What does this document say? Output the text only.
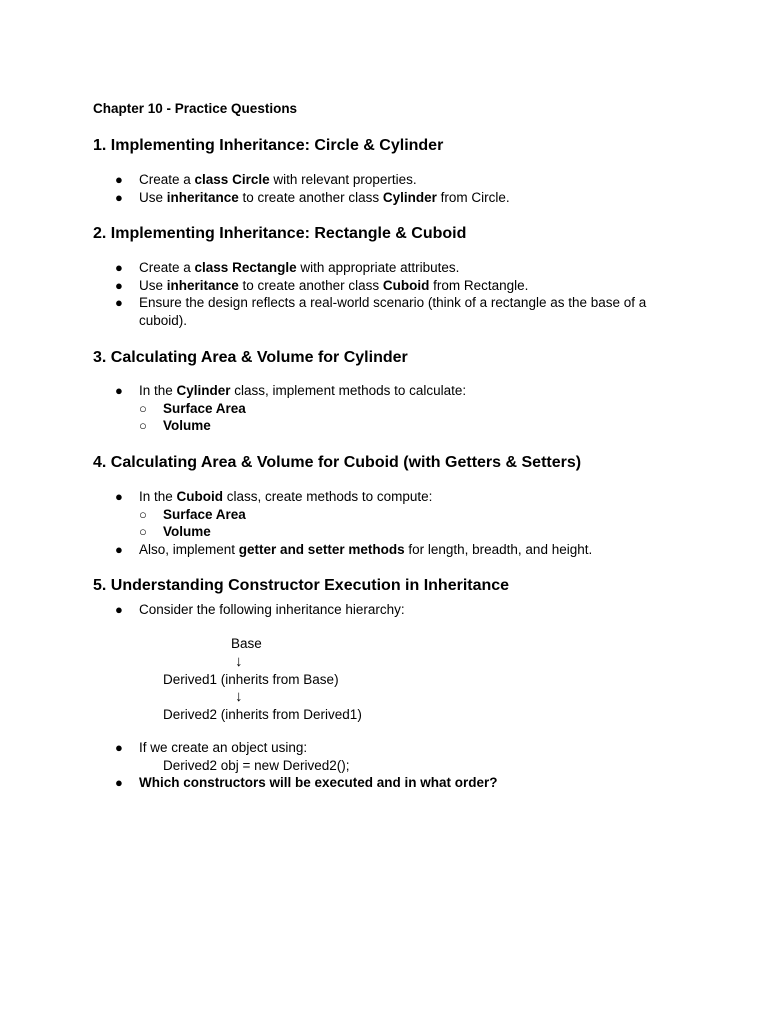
Chapter 10 - Practice Questions

1. Implementing Inheritance: Circle & Cylinder
● Create a class Circle with relevant properties.
● Use inheritance to create another class Cylinder from Circle.
2. Implementing Inheritance: Rectangle & Cuboid
● Create a class Rectangle with appropriate attributes.
● Use inheritance to create another class Cuboid from Rectangle.
● Ensure the design reflects a real-world scenario (think of a rectangle as the base of a cuboid).
3. Calculating Area & Volume for Cylinder
● In the Cylinder class, implement methods to calculate:
○ Surface Area
○ Volume
4. Calculating Area & Volume for Cuboid (with Getters & Setters)
● In the Cuboid class, create methods to compute:
○ Surface Area
○ Volume
● Also, implement getter and setter methods for length, breadth, and height.
5. Understanding Constructor Execution in Inheritance
● Consider the following inheritance hierarchy:
Base
↓
Derived1 (inherits from Base)
↓
Derived2 (inherits from Derived1)
● If we create an object using:
Derived2 obj = new Derived2();
● Which constructors will be executed and in what order?
